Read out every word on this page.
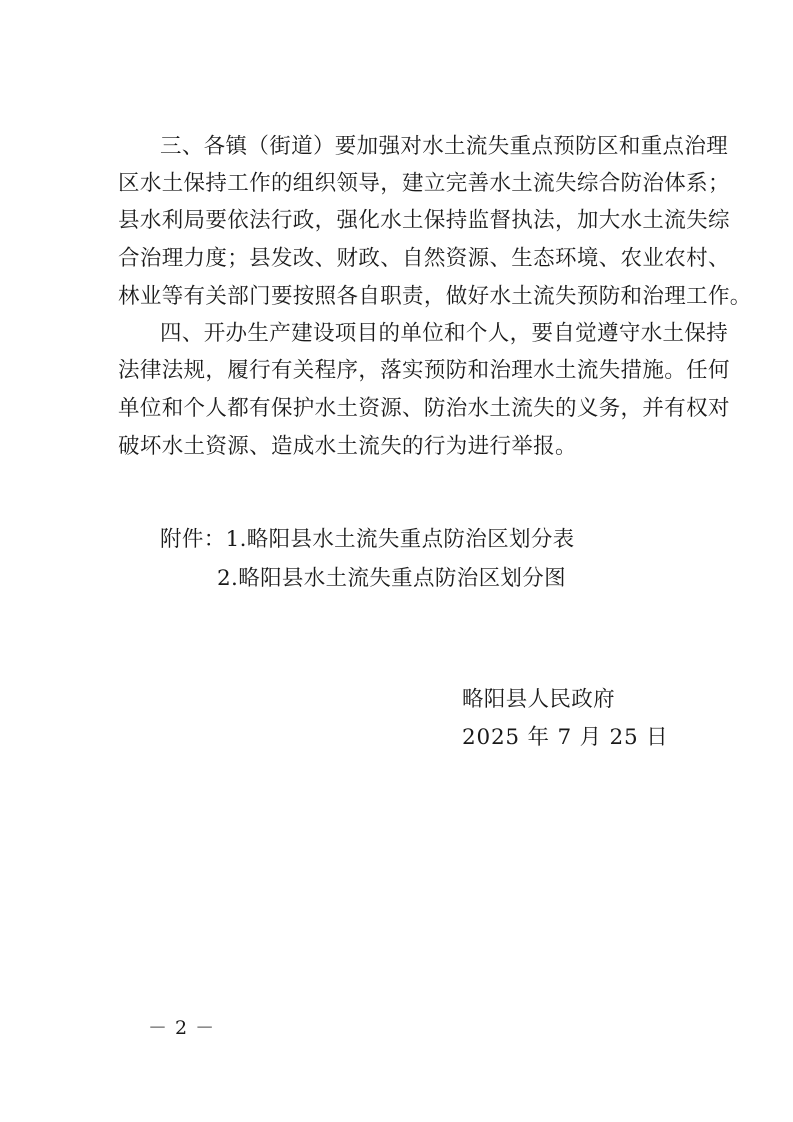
三、各镇（街道）要加强对水土流失重点预防区和重点治理
区水土保持工作的组织领导，建立完善水土流失综合防治体系；
县水利局要依法行政，强化水土保持监督执法，加大水土流失综
合治理力度；县发改、财政、自然资源、生态环境、农业农村、
林业等有关部门要按照各自职责，做好水土流失预防和治理工作。
四、开办生产建设项目的单位和个人，要自觉遵守水土保持
法律法规，履行有关程序，落实预防和治理水土流失措施。任何
单位和个人都有保护水土资源、防治水土流失的义务，并有权对
破坏水土资源、造成水土流失的行为进行举报。
附件：1.略阳县水土流失重点防治区划分表
2.略阳县水土流失重点防治区划分图
略阳县人民政府
2025 年 7 月 25 日
－ 2 －
